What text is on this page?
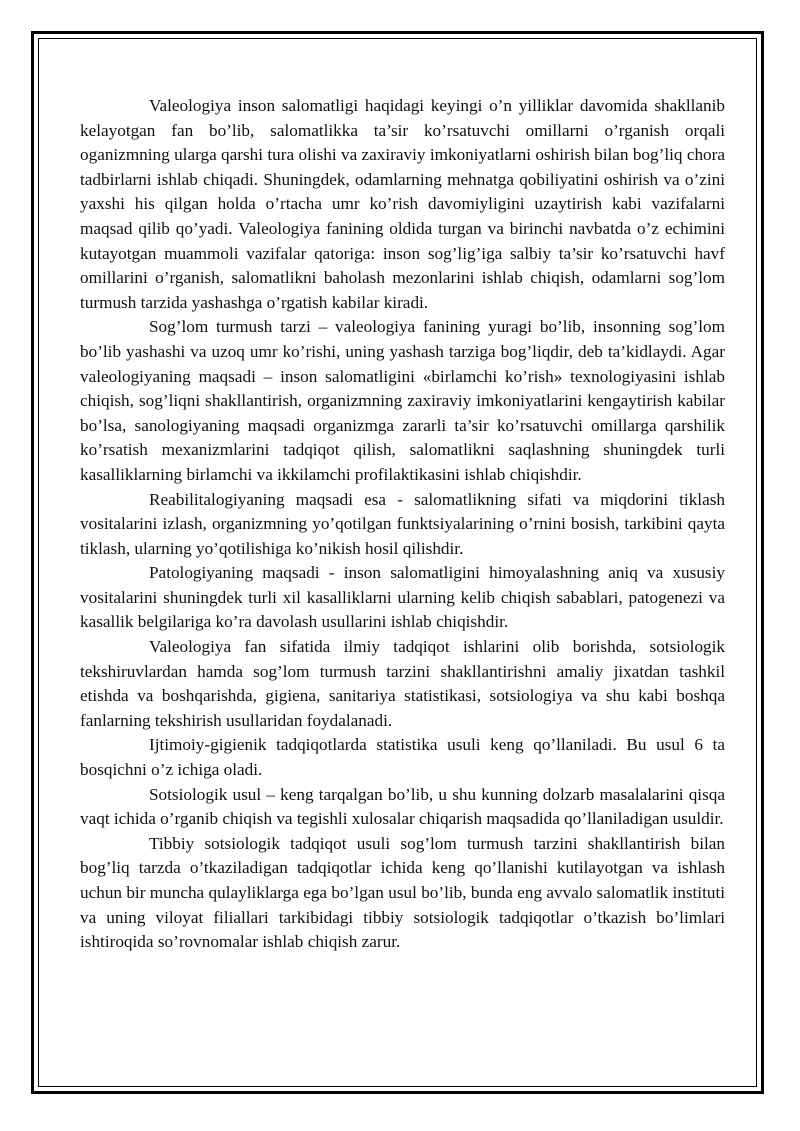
Valeologiya inson salomatligi haqidagi keyingi o’n yilliklar davomida shakllanib kelayotgan fan bo’lib, salomatlikka ta’sir ko’rsatuvchi omillarni o’rganish orqali oganizmning ularga qarshi tura olishi va zaxiraviy imkoniyatlarni oshirish bilan bog’liq chora tadbirlarni ishlab chiqadi. Shuningdek, odamlarning mehnatga qobiliyatini oshirish va o’zini yaxshi his qilgan holda o’rtacha umr ko’rish davomiyligini uzaytirish kabi vazifalarni maqsad qilib qo’yadi. Valeologiya fanining oldida turgan va birinchi navbatda o’z echimini kutayotgan muammoli vazifalar qatoriga: inson sog’lig’iga salbiy ta’sir ko’rsatuvchi havf omillarini o’rganish, salomatlikni baholash mezonlarini ishlab chiqish, odamlarni sog’lom turmush tarzida yashashga o’rgatish kabilar kiradi.

Sog’lom turmush tarzi – valeologiya fanining yuragi bo’lib, insonning sog’lom bo’lib yashashi va uzoq umr ko’rishi, uning yashash tarziga bog’liqdir, deb ta’kidlaydi. Agar valeologiyaning maqsadi – inson salomatligini «birlamchi ko’rish» texnologiyasini ishlab chiqish, sog’liqni shakllantirish, organizmning zaxiraviy imkoniyatlarini kengaytirish kabilar bo’lsa, sanologiyaning maqsadi organizmga zararli ta’sir ko’rsatuvchi omillarga qarshilik ko’rsatish mexanizmlarini tadqiqot qilish, salomatlikni saqlashning shuningdek turli kasalliklarning birlamchi va ikkilamchi profilaktikasini ishlab chiqishdir.

Reabilitalogiyaning maqsadi esa - salomatlikning sifati va miqdorini tiklash vositalarini izlash, organizmning yo’qotilgan funktsiyalarining o’rnini bosish, tarkibini qayta tiklash, ularning yo’qotilishiga ko’nikish hosil qilishdir.

Patologiyaning maqsadi - inson salomatligini himoyalashning aniq va xususiy vositalarini shuningdek turli xil kasalliklarni ularning kelib chiqish sabablari, patogenezi va kasallik belgilariga ko’ra davolash usullarini ishlab chiqishdir.

Valeologiya fan sifatida ilmiy tadqiqot ishlarini olib borishda, sotsiologik tekshiruvlardan hamda sog’lom turmush tarzini shakllantirishni amaliy jixatdan tashkil etishda va boshqarishda, gigiena, sanitariya statistikasi, sotsiologiya va shu kabi boshqa fanlarning tekshirish usullaridan foydalanadi.

Ijtimoiy-gigienik tadqiqotlarda statistika usuli keng qo’llaniladi. Bu usul 6 ta bosqichni o’z ichiga oladi.

Sotsiologik usul – keng tarqalgan bo’lib, u shu kunning dolzarb masalalarini qisqa vaqt ichida o’rganib chiqish va tegishli xulosalar chiqarish maqsadida qo’llaniladigan usuldir.

Tibbiy sotsiologik tadqiqot usuli sog’lom turmush tarzini shakllantirish bilan bog’liq tarzda o’tkaziladigan tadqiqotlar ichida keng qo’llanishi kutilayotgan va ishlash uchun bir muncha qulayliklarga ega bo’lgan usul bo’lib, bunda eng avvalo salomatlik instituti va uning viloyat filiallari tarkibidagi tibbiy sotsiologik tadqiqotlar o’tkazish bo’limlari ishtiroqida so’rovnomalar ishlab chiqish zarur.
